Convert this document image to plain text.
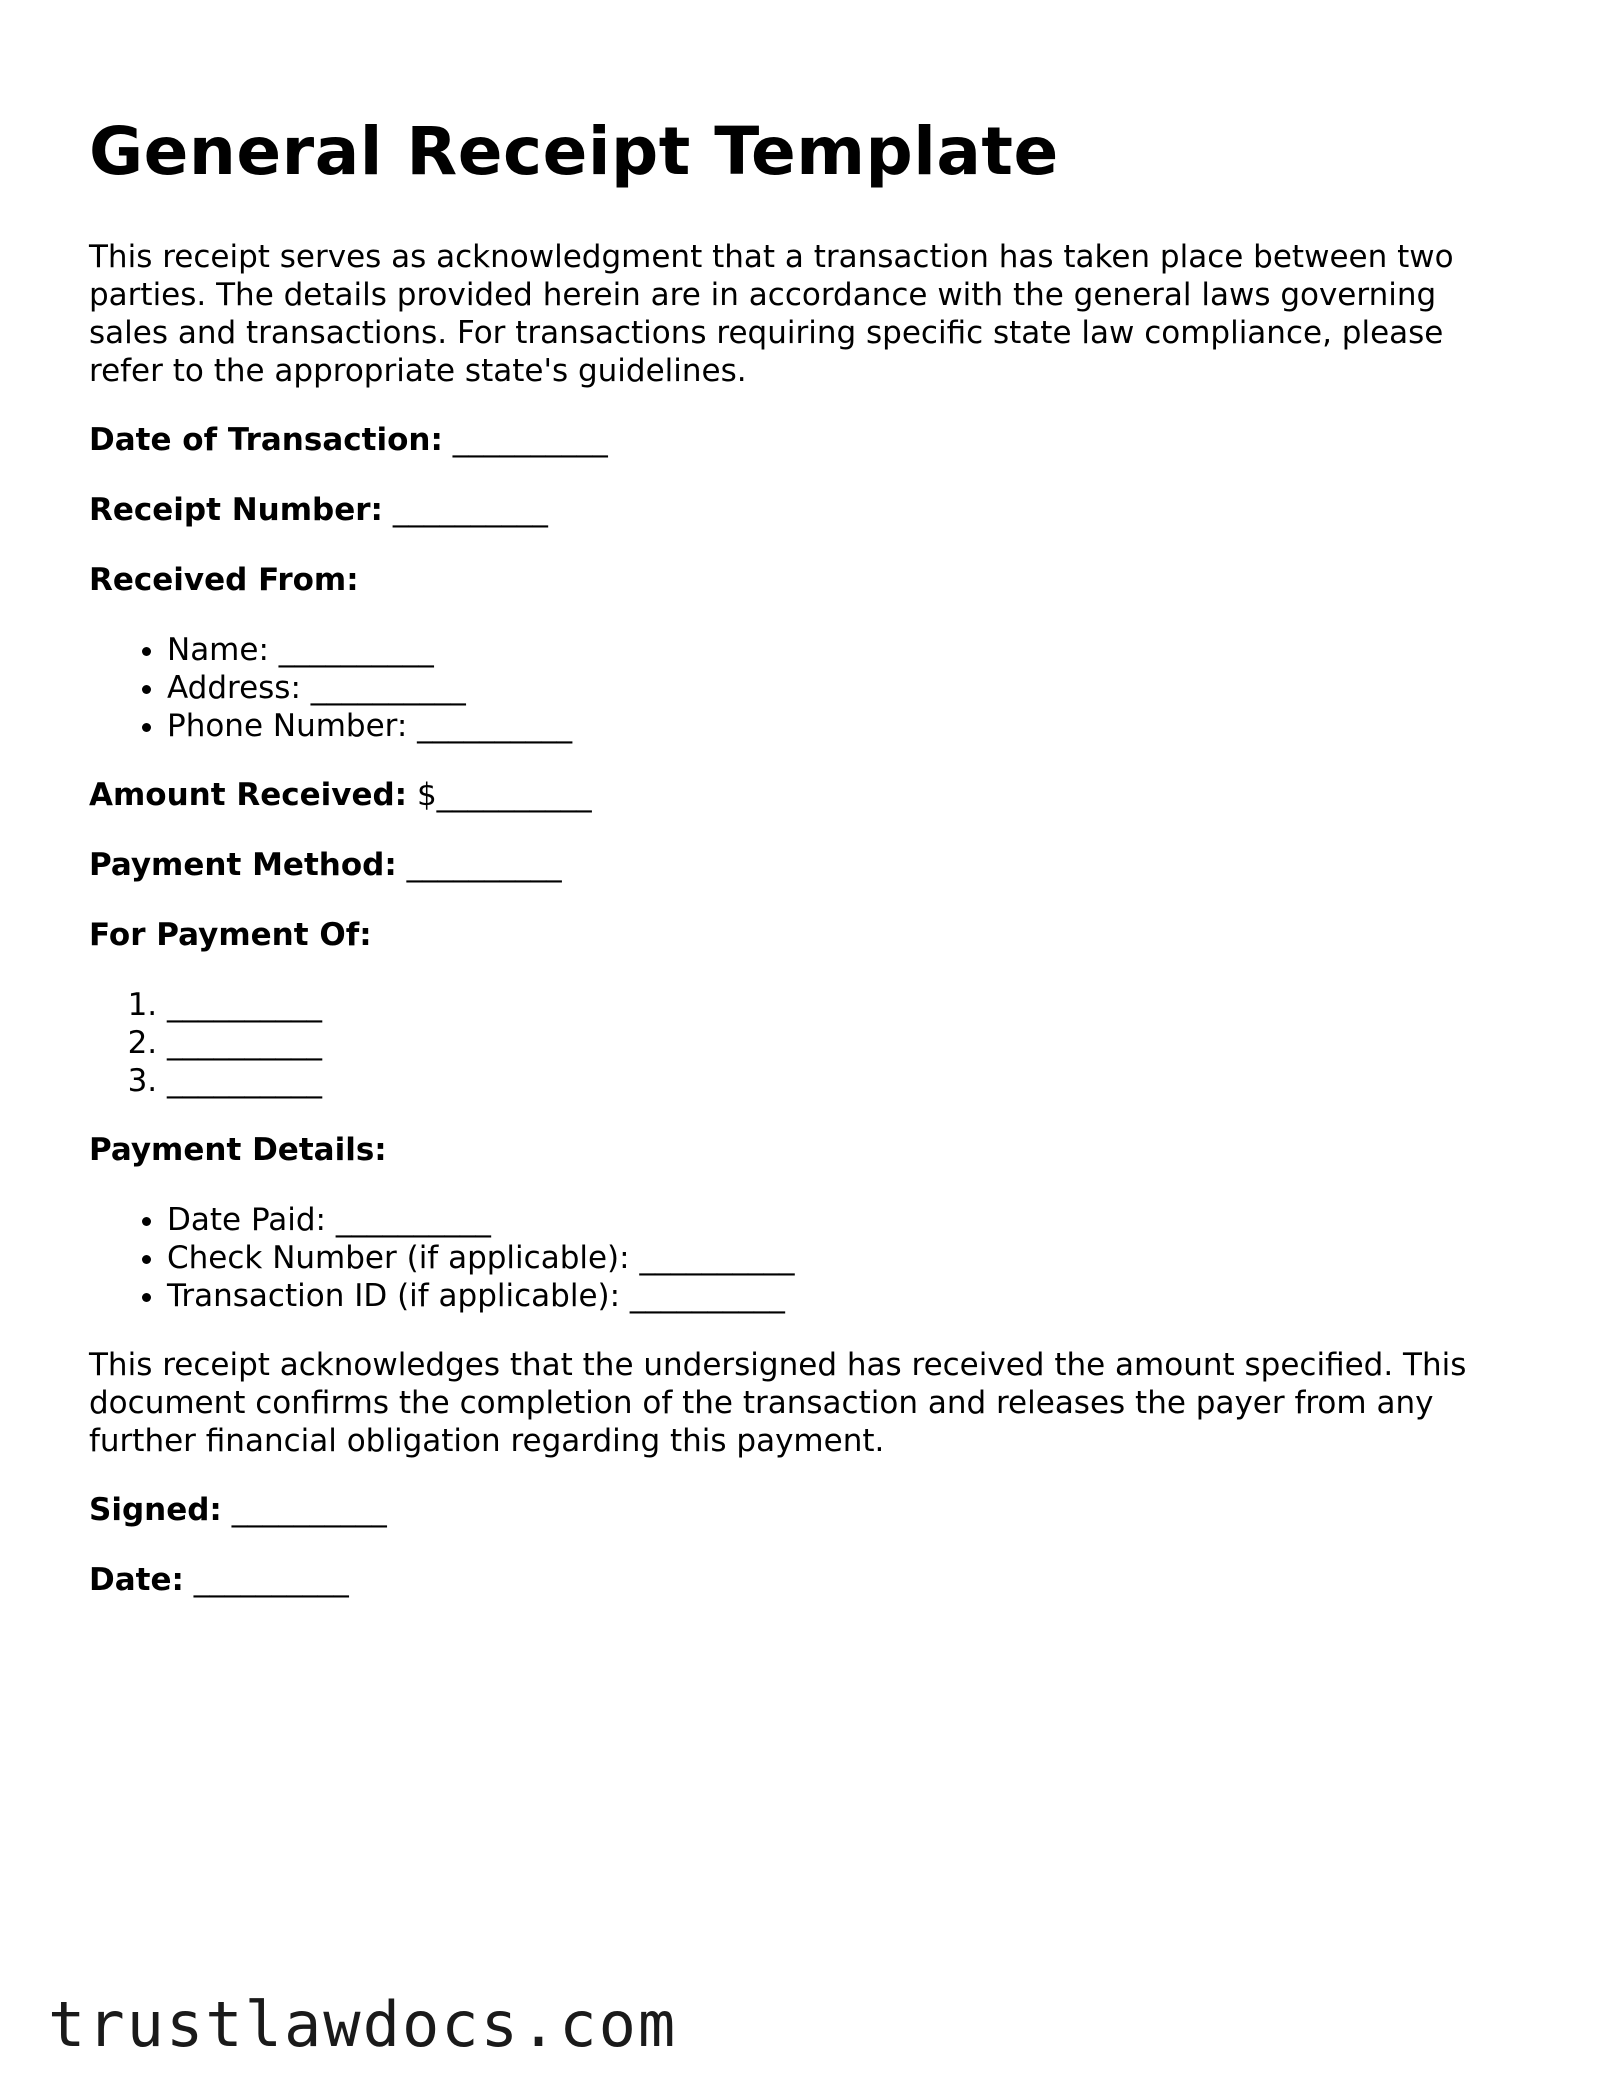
General Receipt Template

This receipt serves as acknowledgment that a transaction has taken place between two parties. The details provided herein are in accordance with the general laws governing sales and transactions. For transactions requiring specific state law compliance, please refer to the appropriate state's guidelines.

Date of Transaction: __________

Receipt Number: __________

Received From:

• Name: __________
• Address: __________
• Phone Number: __________

Amount Received: $__________

Payment Method: __________

For Payment Of:

1. __________
2. __________
3. __________

Payment Details:

• Date Paid: __________
• Check Number (if applicable): __________
• Transaction ID (if applicable): __________

This receipt acknowledges that the undersigned has received the amount specified. This document confirms the completion of the transaction and releases the payer from any further financial obligation regarding this payment.

Signed: __________

Date: __________

trustlawdocs.com
